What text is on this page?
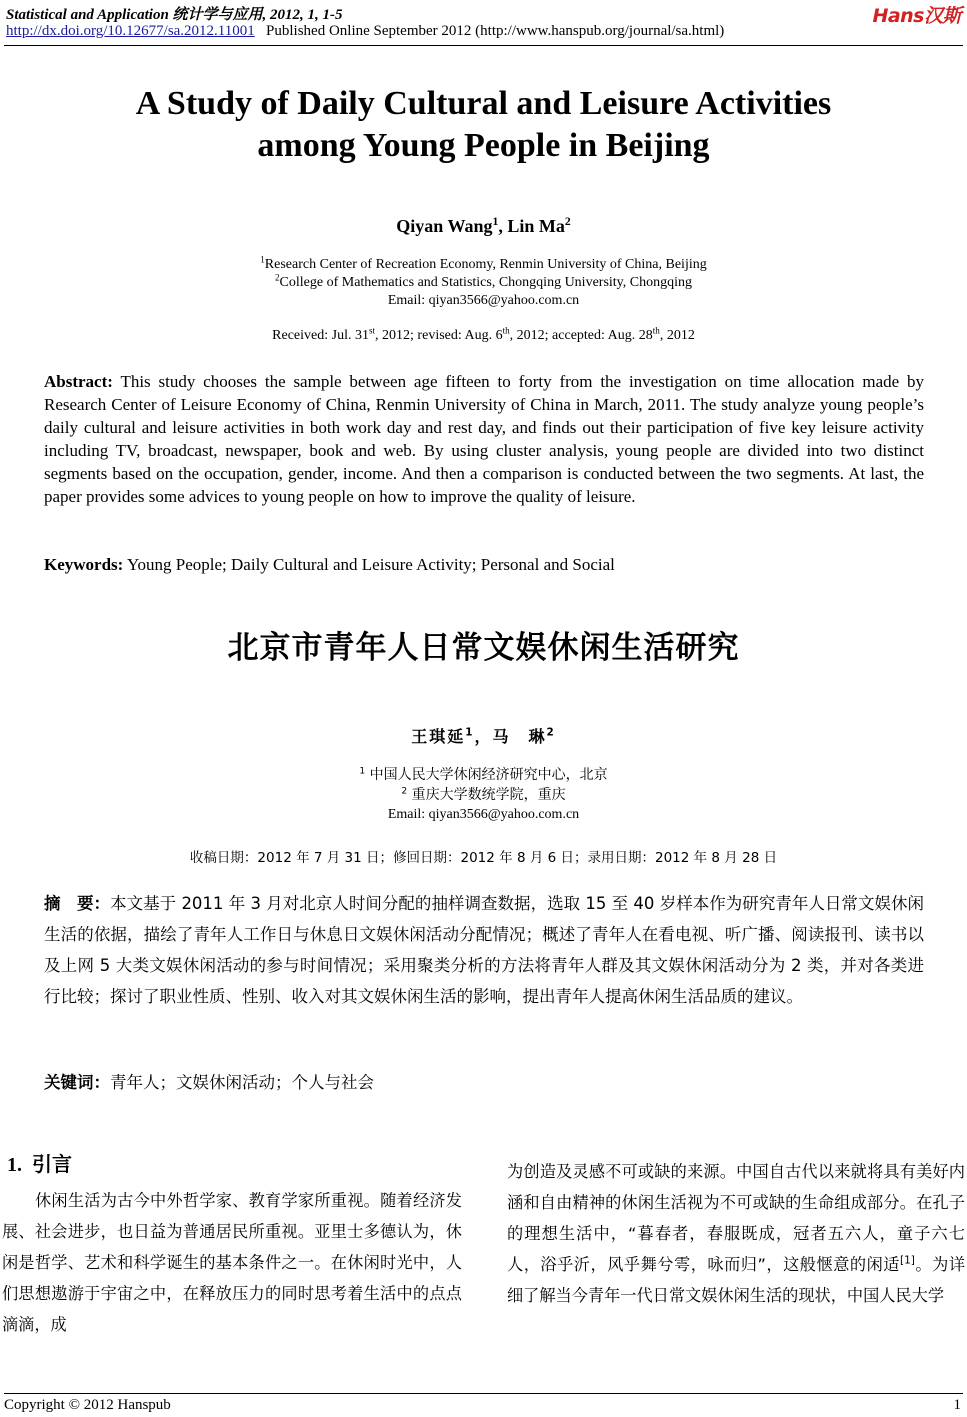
Statistical and Application 统计学与应用, 2012, 1, 1-5	Hans汉斯
http://dx.doi.org/10.12677/sa.2012.11001 Published Online September 2012 (http://www.hanspub.org/journal/sa.html)
A Study of Daily Cultural and Leisure Activities
among Young People in Beijing
Qiyan Wang$^1$, Lin Ma$^2$
$^1$Research Center of Recreation Economy, Renmin University of China, Beijing
$^2$College of Mathematics and Statistics, Chongqing University, Chongqing
Email: qiyan3566@yahoo.com.cn
Received: Jul. 31st, 2012; revised: Aug. 6th, 2012; accepted: Aug. 28th, 2012
Abstract: This study chooses the sample between age fifteen to forty from the investigation on time allocation made by Research Center of Leisure Economy of China, Renmin University of China in March, 2011. The study analyze young people’s daily cultural and leisure activities in both work day and rest day, and finds out their participation of five key leisure activity including TV, broadcast, newspaper, book and web. By using cluster analysis, young people are divided into two distinct segments based on the occupation, gender, income. And then a comparison is conducted between the two segments. At last, the paper provides some advices to young people on how to improve the quality of leisure.
Keywords: Young People; Daily Cultural and Leisure Activity; Personal and Social
北京市青年人日常文娱休闲生活研究
王琪延$^1$，马　琳$^2$
$^1$ 中国人民大学休闲经济研究中心，北京
$^2$ 重庆大学数统学院，重庆
Email: qiyan3566@yahoo.com.cn
收稿日期：2012 年 7 月 31 日；修回日期：2012 年 8 月 6 日；录用日期：2012 年 8 月 28 日
摘　要：本文基于 2011 年 3 月对北京人时间分配的抽样调查数据，选取 15 至 40 岁样本作为研究青年人日常文娱休闲生活的依据，描绘了青年人工作日与休息日文娱休闲活动分配情况；概述了青年人在看电视、听广播、阅读报刊、读书以及上网 5 大类文娱休闲活动的参与时间情况；采用聚类分析的方法将青年人群及其文娱休闲活动分为 2 类，并对各类进行比较；探讨了职业性质、性别、收入对其文娱休闲生活的影响，提出青年人提高休闲生活品质的建议。
关键词：青年人；文娱休闲活动；个人与社会
1. 引言
休闲生活为古今中外哲学家、教育学家所重视。随着经济发展、社会进步，也日益为普通居民所重视。亚里士多德认为，休闲是哲学、艺术和科学诞生的基本条件之一。在休闲时光中，人们思想遨游于宇宙之中，在释放压力的同时思考着生活中的点点滴滴，成
为创造及灵感不可或缺的来源。中国自古代以来就将具有美好内涵和自由精神的休闲生活视为不可或缺的生命组成部分。在孔子的理想生活中，“暮春者，春服既成，冠者五六人，童子六七人，浴乎沂，风乎舞兮雩，咏而归”，这般惬意的闲适[1]。为详细了解当今青年一代日常文娱休闲生活的现状，中国人民大学
Copyright © 2012 Hanspub	1
